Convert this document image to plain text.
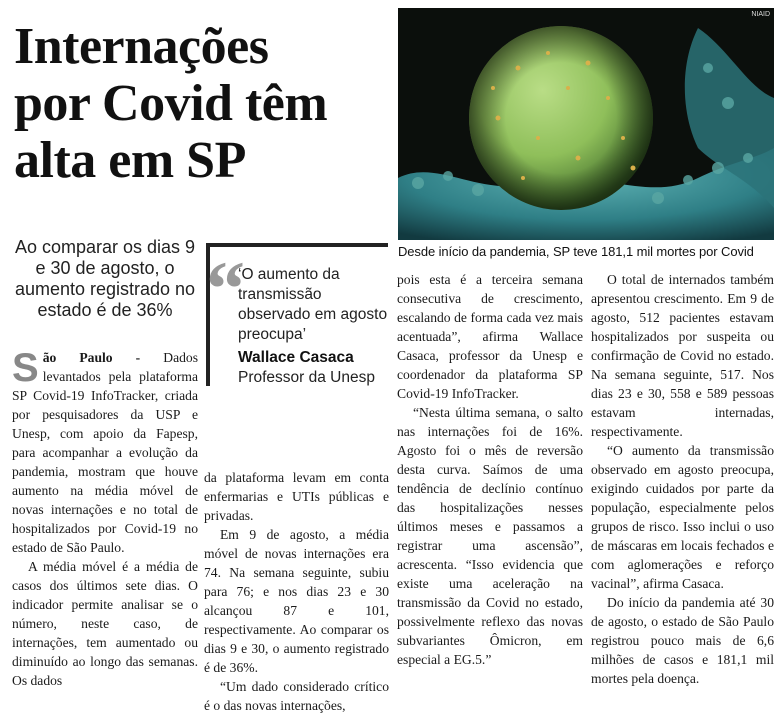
Internações
por Covid têm
alta em SP
NIAID
Desde início da pandemia, SP teve 181,1 mil mortes por Covid
Ao comparar os dias 9 e 30 de agosto, o aumento registrado no estado é de 36% “
‘O aumento da transmissão observado em agosto preocupa’
Wallace Casaca
Professor da Unesp

São Paulo - Dados levantados pela plataforma SP Covid-19 InfoTracker, criada por pesquisadores da USP e Unesp, com apoio da Fapesp, para acompanhar a evolução da pandemia, mostram que houve aumento na média móvel de novas internações e no total de hospitalizados por Covid-19 no estado de São Paulo.

A média móvel é a média de casos dos últimos sete dias. O indicador permite analisar se o número, neste caso, de internações, tem aumentado ou diminuído ao longo das semanas. Os dados

da plataforma levam em conta enfermarias e UTIs públicas e privadas.

Em 9 de agosto, a média móvel de novas internações era 74. Na semana seguinte, subiu para 76; e nos dias 23 e 30 alcançou 87 e 101, respectivamente. Ao comparar os dias 9 e 30, o aumento registrado é de 36%.

“Um dado considerado crítico é o das novas internações,

pois esta é a terceira semana consecutiva de crescimento, escalando de forma cada vez mais acentuada”, afirma Wallace Casaca, professor da Unesp e coordenador da plataforma SP Covid-19 InfoTracker.

“Nesta última semana, o salto nas internações foi de 16%. Agosto foi o mês de reversão desta curva. Saímos de uma tendência de declínio contínuo das hospitalizações nesses últimos meses e passamos a registrar uma ascensão”, acrescenta. “Isso evidencia que existe uma aceleração na transmissão da Covid no estado, possivelmente reflexo das novas subvariantes Ômicron, em especial a EG.5.”

O total de internados também apresentou crescimento. Em 9 de agosto, 512 pacientes estavam hospitalizados por suspeita ou confirmação de Covid no estado. Na semana seguinte, 517. Nos dias 23 e 30, 558 e 589 pessoas estavam internadas, respectivamente.

“O aumento da transmissão observado em agosto preocupa, exigindo cuidados por parte da população, especialmente pelos grupos de risco. Isso inclui o uso de máscaras em locais fechados e com aglomerações e reforço vacinal”, afirma Casaca.

Do início da pandemia até 30 de agosto, o estado de São Paulo registrou pouco mais de 6,6 milhões de casos e 181,1 mil mortes pela doença.
